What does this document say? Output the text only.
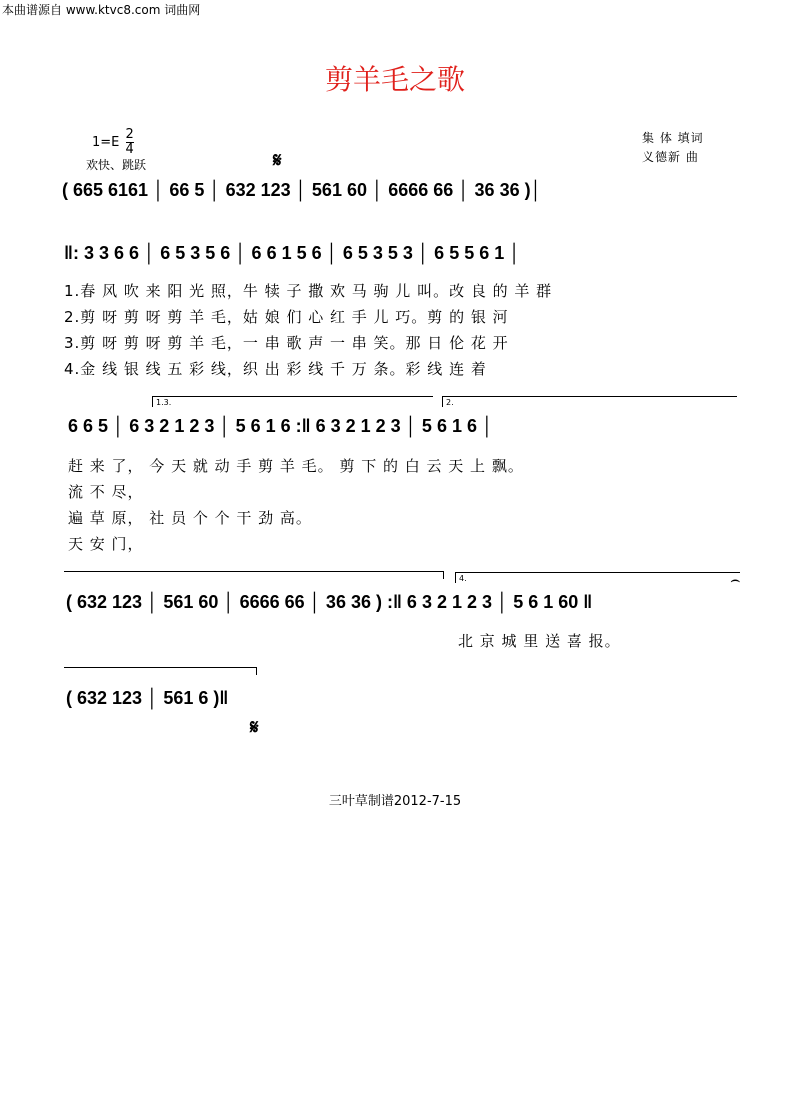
本曲谱源自 www.ktvc8.com 词曲网
剪羊毛之歌
$1=E \frac{2}{4}$
欢快、跳跃
集 体 填词
义德新 曲
𝄋
( 665 6161 │ 66 5 │ 632 123 │ 561 60 │ 6666 66 │ 36 36 )│
‖: 3 3 6 6 │ 6 5 3 5 6 │ 6 6 1 5 6 │ 6 5 3 5 3 │ 6 5 5 6 1 │
1.春 风 吹 来 阳 光 照，牛 犊 子 撒 欢 马 驹 儿 叫。改 良 的 羊 群
2.剪 呀 剪 呀 剪 羊 毛，姑 娘 们 心 红 手 儿 巧。剪 的 银 河
3.剪 呀 剪 呀 剪 羊 毛，一 串 歌 声 一 串 笑。那 日 伦 花 开
4.金 线 银 线 五 彩 线，织 出 彩 线 千 万 条。彩 线 连 着
1.3.	2.
6 6 5 │ 6 3 2 1 2 3 │ 5 6 1 6 :‖ 6 3 2 1 2 3 │ 5 6 1 6 │
赶 来 了， 今 天 就 动 手 剪 羊 毛。 剪 下 的 白 云 天 上 飘。
流 不 尽，
遍 草 原， 社 员 个 个 干 劲 高。
天 安 门，
4.	⌢
( 632 123 │ 561 60 │ 6666 66 │ 36 36 ) :‖ 6 3 2 1 2 3 │ 5 6 1 60 ‖
北 京 城 里 送 喜 报。
( 632 123 │ 561 6 )‖
𝄋
三叶草制谱2012-7-15
